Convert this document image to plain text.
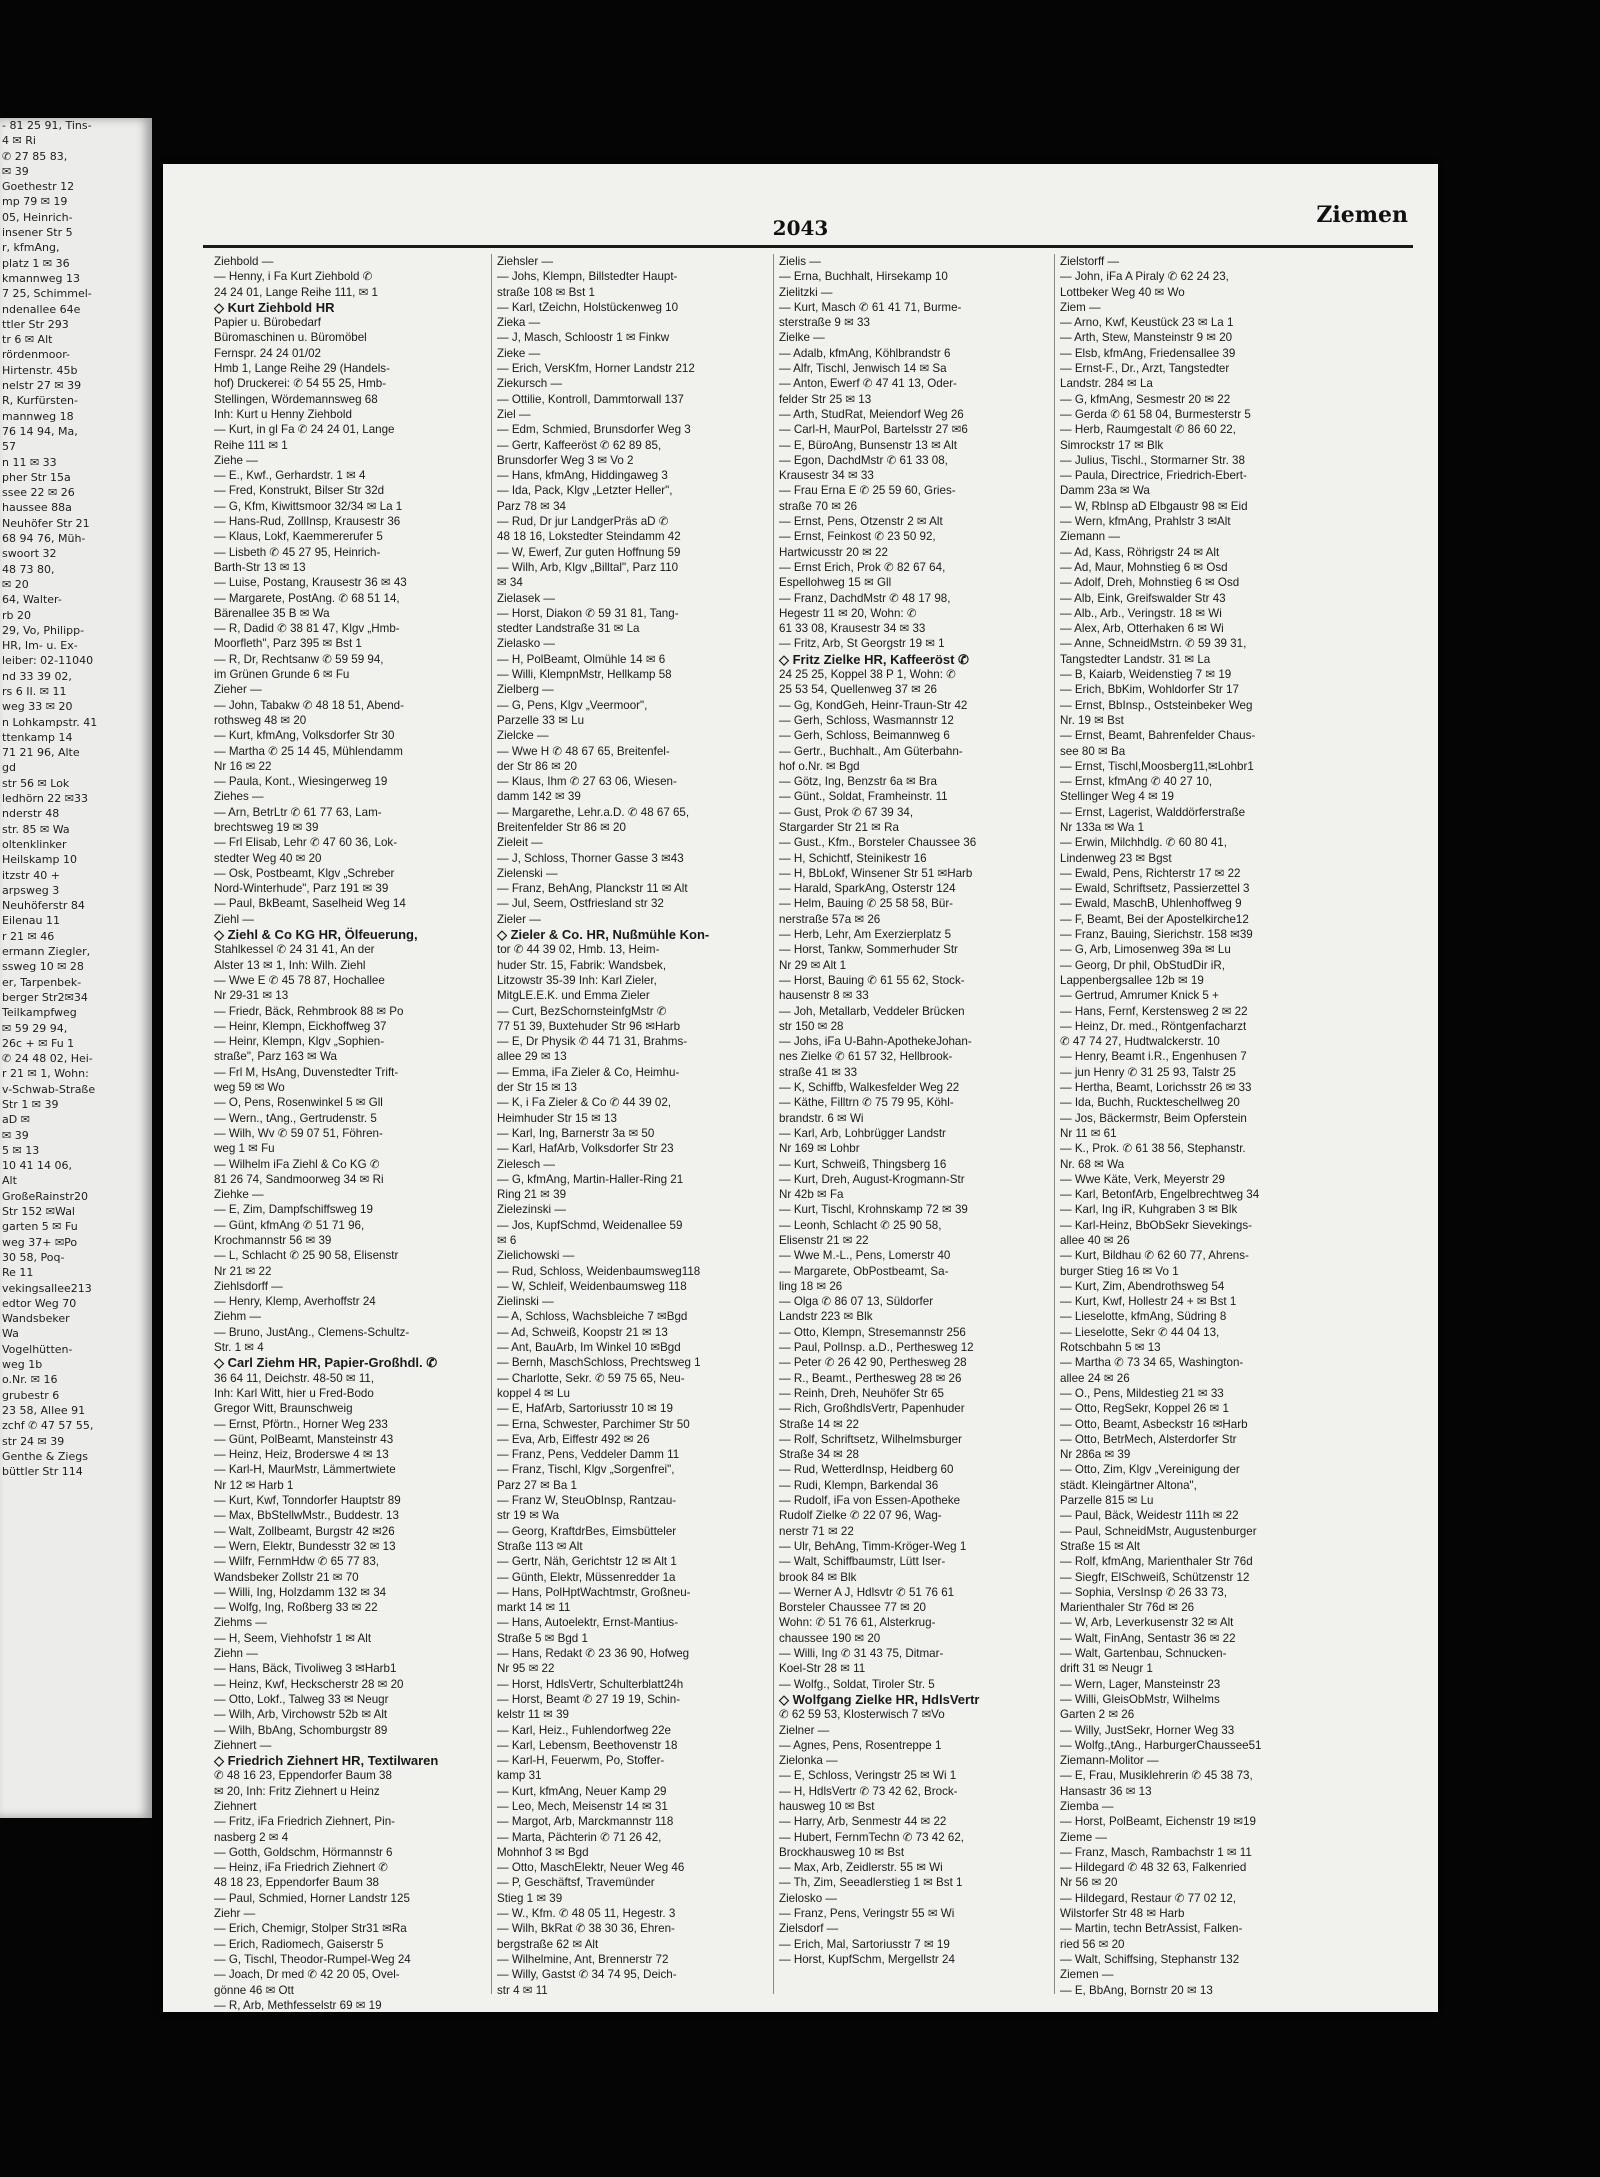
- 81 25 91, Tins-
4 ✉ Ri
✆ 27 85 83,
✉ 39
Goethestr 12
mp 79 ✉ 19
05, Heinrich-
insener Str 5
r, kfmAng,
platz 1 ✉ 36
kmannweg 13
7 25, Schimmel-
ndenallee 64e
ttler Str 293
tr 6 ✉ Alt
rördenmoor-
Hirtenstr. 45b
nelstr 27 ✉ 39
R, Kurfürsten-
mannweg 18
76 14 94, Ma,
57
n 11 ✉ 33
pher Str 15a
ssee 22 ✉ 26
haussee 88a
Neuhöfer Str 21
68 94 76, Müh-
swoort 32
48 73 80,
✉ 20
64, Walter-
rb 20
29, Vo, Philipp-
HR, Im- u. Ex-
leiber: 02-11040
nd 33 39 02,
rs 6 II. ✉ 11
weg 33 ✉ 20
n Lohkampstr. 41
ttenkamp 14
71 21 96, Alte
gd
str 56 ✉ Lok
ledhörn 22 ✉33
nderstr 48
str. 85 ✉ Wa
oltenklinker
Heilskamp 10
itzstr 40 +
arpsweg 3
Neuhöferstr 84
Eilenau 11
r 21 ✉ 46
ermann Ziegler,
ssweg 10 ✉ 28
er, Tarpenbek-
berger Str2✉34
Teilkampfweg
✉ 59 29 94,
26c + ✉ Fu 1
✆ 24 48 02, Hei-
r 21 ✉ 1, Wohn:
v-Schwab-Straße
Str 1 ✉ 39
aD ✉
✉ 39
5 ✉ 13
10 41 14 06,
Alt
GroßeRainstr20
Str 152 ✉Wal
garten 5 ✉ Fu
weg 37+ ✉Po
30 58, Poq-
Re 11
vekingsallee213
edtor Weg 70
Wandsbeker
Wa
Vogelhütten-
weg 1b
o.Nr. ✉ 16
grubestr 6
23 58, Allee 91
zchf ✆ 47 57 55,
str 24 ✉ 39
Genthe & Ziegs
büttler Str 114
2043	Ziemen
Ziehbold —
— Henny, i Fa Kurt Ziehbold ✆
24 24 01, Lange Reihe 111, ✉ 1
◇ Kurt Ziehbold HR
Papier u. Bürobedarf
Büromaschinen u. Büromöbel
Fernspr. 24 24 01/02
Hmb 1, Lange Reihe 29 (Handels-
hof) Druckerei: ✆ 54 55 25, Hmb-
Stellingen, Wördemannsweg 68
Inh: Kurt u Henny Ziehbold
— Kurt, in gl Fa ✆ 24 24 01, Lange
Reihe 111 ✉ 1
Ziehe —
— E., Kwf., Gerhardstr. 1 ✉ 4
— Fred, Konstrukt, Bilser Str 32d
— G, Kfm, Kiwittsmoor 32/34 ✉ La 1
— Hans-Rud, ZollInsp, Krausestr 36
— Klaus, Lokf, Kaemmererufer 5
— Lisbeth ✆ 45 27 95, Heinrich-
Barth-Str 13 ✉ 13
— Luise, Postang, Krausestr 36 ✉ 43
— Margarete, PostAng. ✆ 68 51 14,
Bärenallee 35 B ✉ Wa
— R, Dadid ✆ 38 81 47, Klgv „Hmb-
Moorfleth", Parz 395 ✉ Bst 1
— R, Dr, Rechtsanw ✆ 59 59 94,
im Grünen Grunde 6 ✉ Fu
Zieher —
— John, Tabakw ✆ 48 18 51, Abend-
rothsweg 48 ✉ 20
— Kurt, kfmAng, Volksdorfer Str 30
— Martha ✆ 25 14 45, Mühlendamm
Nr 16 ✉ 22
— Paula, Kont., Wiesingerweg 19
Ziehes —
— Arn, BetrLtr ✆ 61 77 63, Lam-
brechtsweg 19 ✉ 39
— Frl Elisab, Lehr ✆ 47 60 36, Lok-
stedter Weg 40 ✉ 20
— Osk, Postbeamt, Klgv „Schreber
Nord-Winterhude", Parz 191 ✉ 39
— Paul, BkBeamt, Saselheid Weg 14
Ziehl —
◇ Ziehl & Co KG HR, Ölfeuerung,
Stahlkessel ✆ 24 31 41, An der
Alster 13 ✉ 1, Inh: Wilh. Ziehl
— Wwe E ✆ 45 78 87, Hochallee
Nr 29-31 ✉ 13
— Friedr, Bäck, Rehmbrook 88 ✉ Po
— Heinr, Klempn, Eickhoffweg 37
— Heinr, Klempn, Klgv „Sophien-
straße", Parz 163 ✉ Wa
— Frl M, HsAng, Duvenstedter Trift-
weg 59 ✉ Wo
— O, Pens, Rosenwinkel 5 ✉ Gll
— Wern., tAng., Gertrudenstr. 5
— Wilh, Wv ✆ 59 07 51, Föhren-
weg 1 ✉ Fu
— Wilhelm iFa Ziehl & Co KG ✆
81 26 74, Sandmoorweg 34 ✉ Ri
Ziehke —
— E, Zim, Dampfschiffsweg 19
— Günt, kfmAng ✆ 51 71 96,
Krochmannstr 56 ✉ 39
— L, Schlacht ✆ 25 90 58, Elisenstr
Nr 21 ✉ 22
Ziehlsdorff —
— Henry, Klemp, Averhoffstr 24
Ziehm —
— Bruno, JustAng., Clemens-Schultz-
Str. 1 ✉ 4
◇ Carl Ziehm HR, Papier-Großhdl. ✆
36 64 11, Deichstr. 48-50 ✉ 11,
Inh: Karl Witt, hier u Fred-Bodo
Gregor Witt, Braunschweig
— Ernst, Pförtn., Horner Weg 233
— Günt, PolBeamt, Mansteinstr 43
— Heinz, Heiz, Broderswe 4 ✉ 13
— Karl-H, MaurMstr, Lämmertwiete
Nr 12 ✉ Harb 1
— Kurt, Kwf, Tonndorfer Hauptstr 89
— Max, BbStellwMstr., Buddestr. 13
— Walt, Zollbeamt, Burgstr 42 ✉26
— Wern, Elektr, Bundesstr 32 ✉ 13
— Wilfr, FernmHdw ✆ 65 77 83,
Wandsbeker Zollstr 21 ✉ 70
— Willi, Ing, Holzdamm 132 ✉ 34
— Wolfg, Ing, Roßberg 33 ✉ 22
Ziehms —
— H, Seem, Viehhofstr 1 ✉ Alt
Ziehn —
— Hans, Bäck, Tivoliweg 3 ✉Harb1
— Heinz, Kwf, Heckscherstr 28 ✉ 20
— Otto, Lokf., Talweg 33 ✉ Neugr
— Wilh, Arb, Virchowstr 52b ✉ Alt
— Wilh, BbAng, Schomburgstr 89
Ziehnert —
◇ Friedrich Ziehnert HR, Textilwaren
✆ 48 16 23, Eppendorfer Baum 38
✉ 20, Inh: Fritz Ziehnert u Heinz
Ziehnert
— Fritz, iFa Friedrich Ziehnert, Pin-
nasberg 2 ✉ 4
— Gotth, Goldschm, Hörmannstr 6
— Heinz, iFa Friedrich Ziehnert ✆
48 18 23, Eppendorfer Baum 38
— Paul, Schmied, Horner Landstr 125
Ziehr —
— Erich, Chemigr, Stolper Str31 ✉Ra
— Erich, Radiomech, Gaiserstr 5
— G, Tischl, Theodor-Rumpel-Weg 24
— Joach, Dr med ✆ 42 20 05, Ovel-
gönne 46 ✉ Ott
— R, Arb, Methfesselstr 69 ✉ 19
Ziehsler —
— Johs, Klempn, Billstedter Haupt-
straße 108 ✉ Bst 1
— Karl, tZeichn, Holstückenweg 10
Zieka —
— J, Masch, Schloostr 1 ✉ Finkw
Zieke —
— Erich, VersKfm, Horner Landstr 212
Ziekursch —
— Ottilie, Kontroll, Dammtorwall 137
Ziel —
— Edm, Schmied, Brunsdorfer Weg 3
— Gertr, Kaffeeröst ✆ 62 89 85,
Brunsdorfer Weg 3 ✉ Vo 2
— Hans, kfmAng, Hiddingaweg 3
— Ida, Pack, Klgv „Letzter Heller",
Parz 78 ✉ 34
— Rud, Dr jur LandgerPräs aD ✆
48 18 16, Lokstedter Steindamm 42
— W, Ewerf, Zur guten Hoffnung 59
— Wilh, Arb, Klgv „Billtal", Parz 110
✉ 34
Zielasek —
— Horst, Diakon ✆ 59 31 81, Tang-
stedter Landstraße 31 ✉ La
Zielasko —
— H, PolBeamt, Olmühle 14 ✉ 6
— Willi, KlempnMstr, Hellkamp 58
Zielberg —
— G, Pens, Klgv „Veermoor",
Parzelle 33 ✉ Lu
Zielcke —
— Wwe H ✆ 48 67 65, Breitenfel-
der Str 86 ✉ 20
— Klaus, Ihm ✆ 27 63 06, Wiesen-
damm 142 ✉ 39
— Margarethe, Lehr.a.D. ✆ 48 67 65,
Breitenfelder Str 86 ✉ 20
Zieleit —
— J, Schloss, Thorner Gasse 3 ✉43
Zielenski —
— Franz, BehAng, Planckstr 11 ✉ Alt
— Jul, Seem, Ostfriesland str 32
Zieler —
◇ Zieler & Co. HR, Nußmühle Kon-
tor ✆ 44 39 02, Hmb. 13, Heim-
huder Str. 15, Fabrik: Wandsbek,
Litzowstr 35-39 Inh: Karl Zieler,
MitgLE.E.K. und Emma Zieler
— Curt, BezSchornsteinfgMstr ✆
77 51 39, Buxtehuder Str 96 ✉Harb
— E, Dr Physik ✆ 44 71 31, Brahms-
allee 29 ✉ 13
— Emma, iFa Zieler & Co, Heimhu-
der Str 15 ✉ 13
— K, i Fa Zieler & Co ✆ 44 39 02,
Heimhuder Str 15 ✉ 13
— Karl, Ing, Barnerstr 3a ✉ 50
— Karl, HafArb, Volksdorfer Str 23
Zielesch —
— G, kfmAng, Martin-Haller-Ring 21
Ring 21 ✉ 39
Zielezinski —
— Jos, KupfSchmd, Weidenallee 59
✉ 6
Zielichowski —
— Rud, Schloss, Weidenbaumsweg118
— W, Schleif, Weidenbaumsweg 118
Zielinski —
— A, Schloss, Wachsbleiche 7 ✉Bgd
— Ad, Schweiß, Koopstr 21 ✉ 13
— Ant, BauArb, Im Winkel 10 ✉Bgd
— Bernh, MaschSchloss, Prechtsweg 1
— Charlotte, Sekr. ✆ 59 75 65, Neu-
koppel 4 ✉ Lu
— E, HafArb, Sartoriusstr 10 ✉ 19
— Erna, Schwester, Parchimer Str 50
— Eva, Arb, Eiffestr 492 ✉ 26
— Franz, Pens, Veddeler Damm 11
— Franz, Tischl, Klgv „Sorgenfrei",
Parz 27 ✉ Ba 1
— Franz W, SteuObInsp, Rantzau-
str 19 ✉ Wa
— Georg, KraftdrBes, Eimsbütteler
Straße 113 ✉ Alt
— Gertr, Näh, Gerichtstr 12 ✉ Alt 1
— Günth, Elektr, Müssenredder 1a
— Hans, PolHptWachtmstr, Großneu-
markt 14 ✉ 11
— Hans, Autoelektr, Ernst-Mantius-
Straße 5 ✉ Bgd 1
— Hans, Redakt ✆ 23 36 90, Hofweg
Nr 95 ✉ 22
— Horst, HdlsVertr, Schulterblatt24h
— Horst, Beamt ✆ 27 19 19, Schin-
kelstr 11 ✉ 39
— Karl, Heiz., Fuhlendorfweg 22e
— Karl, Lebensm, Beethovenstr 18
— Karl-H, Feuerwm, Po, Stoffer-
kamp 31
— Kurt, kfmAng, Neuer Kamp 29
— Leo, Mech, Meisenstr 14 ✉ 31
— Margot, Arb, Marckmannstr 118
— Marta, Pächterin ✆ 71 26 42,
Mohnhof 3 ✉ Bgd
— Otto, MaschElektr, Neuer Weg 46
— P, Geschäftsf, Travemünder
Stieg 1 ✉ 39
— W., Kfm. ✆ 48 05 11, Hegestr. 3
— Wilh, BkRat ✆ 38 30 36, Ehren-
bergstraße 62 ✉ Alt
— Wilhelmine, Ant, Brennerstr 72
— Willy, Gastst ✆ 34 74 95, Deich-
str 4 ✉ 11
Zielis —
— Erna, Buchhalt, Hirsekamp 10
Zielitzki —
— Kurt, Masch ✆ 61 41 71, Burme-
sterstraße 9 ✉ 33
Zielke —
— Adalb, kfmAng, Köhlbrandstr 6
— Alfr, Tischl, Jenwisch 14 ✉ Sa
— Anton, Ewerf ✆ 47 41 13, Oder-
felder Str 25 ✉ 13
— Arth, StudRat, Meiendorf Weg 26
— Carl-H, MaurPol, Bartelsstr 27 ✉6
— E, BüroAng, Bunsenstr 13 ✉ Alt
— Egon, DachdMstr ✆ 61 33 08,
Krausestr 34 ✉ 33
— Frau Erna E ✆ 25 59 60, Gries-
straße 70 ✉ 26
— Ernst, Pens, Otzenstr 2 ✉ Alt
— Ernst, Feinkost ✆ 23 50 92,
Hartwicusstr 20 ✉ 22
— Ernst Erich, Prok ✆ 82 67 64,
Espellohweg 15 ✉ Gll
— Franz, DachdMstr ✆ 48 17 98,
Hegestr 11 ✉ 20, Wohn: ✆
61 33 08, Krausestr 34 ✉ 33
— Fritz, Arb, St Georgstr 19 ✉ 1
◇ Fritz Zielke HR, Kaffeeröst ✆
24 25 25, Koppel 38 P 1, Wohn: ✆
25 53 54, Quellenweg 37 ✉ 26
— Gg, KondGeh, Heinr-Traun-Str 42
— Gerh, Schloss, Wasmannstr 12
— Gerh, Schloss, Beimannweg 6
— Gertr., Buchhalt., Am Güterbahn-
hof o.Nr. ✉ Bgd
— Götz, Ing, Benzstr 6a ✉ Bra
— Günt., Soldat, Framheinstr. 11
— Gust, Prok ✆ 67 39 34,
Stargarder Str 21 ✉ Ra
— Gust., Kfm., Borsteler Chaussee 36
— H, Schichtf, Steinikestr 16
— H, BbLokf, Winsener Str 51 ✉Harb
— Harald, SparkAng, Osterstr 124
— Helm, Bauing ✆ 25 58 58, Bür-
nerstraße 57a ✉ 26
— Herb, Lehr, Am Exerzierplatz 5
— Horst, Tankw, Sommerhuder Str
Nr 29 ✉ Alt 1
— Horst, Bauing ✆ 61 55 62, Stock-
hausenstr 8 ✉ 33
— Joh, Metallarb, Veddeler Brücken
str 150 ✉ 28
— Johs, iFa U-Bahn-ApothekeJohan-
nes Zielke ✆ 61 57 32, Hellbrook-
straße 41 ✉ 33
— K, Schiffb, Walkesfelder Weg 22
— Käthe, Filltrn ✆ 75 79 95, Köhl-
brandstr. 6 ✉ Wi
— Karl, Arb, Lohbrügger Landstr
Nr 169 ✉ Lohbr
— Kurt, Schweiß, Thingsberg 16
— Kurt, Dreh, August-Krogmann-Str
Nr 42b ✉ Fa
— Kurt, Tischl, Krohnskamp 72 ✉ 39
— Leonh, Schlacht ✆ 25 90 58,
Elisenstr 21 ✉ 22
— Wwe M.-L., Pens, Lomerstr 40
— Margarete, ObPostbeamt, Sa-
ling 18 ✉ 26
— Olga ✆ 86 07 13, Süldorfer
Landstr 223 ✉ Blk
— Otto, Klempn, Stresemannstr 256
— Paul, PolInsp. a.D., Perthesweg 12
— Peter ✆ 26 42 90, Perthesweg 28
— R., Beamt., Perthesweg 28 ✉ 26
— Reinh, Dreh, Neuhöfer Str 65
— Rich, GroßhdlsVertr, Papenhuder
Straße 14 ✉ 22
— Rolf, Schriftsetz, Wilhelmsburger
Straße 34 ✉ 28
— Rud, WetterdInsp, Heidberg 60
— Rudi, Klempn, Barkendal 36
— Rudolf, iFa von Essen-Apotheke
Rudolf Zielke ✆ 22 07 96, Wag-
nerstr 71 ✉ 22
— Ulr, BehAng, Timm-Kröger-Weg 1
— Walt, Schiffbaumstr, Lütt Iser-
brook 84 ✉ Blk
— Werner A J, Hdlsvtr ✆ 51 76 61
Borsteler Chaussee 77 ✉ 20
Wohn: ✆ 51 76 61, Alsterkrug-
chaussee 190 ✉ 20
— Willi, Ing ✆ 31 43 75, Ditmar-
Koel-Str 28 ✉ 11
— Wolfg., Soldat, Tiroler Str. 5
◇ Wolfgang Zielke HR, HdlsVertr
✆ 62 59 53, Klosterwisch 7 ✉Vo
Zielner —
— Agnes, Pens, Rosentreppe 1
Zielonka —
— E, Schloss, Veringstr 25 ✉ Wi 1
— H, HdlsVertr ✆ 73 42 62, Brock-
hausweg 10 ✉ Bst
— Harry, Arb, Senmestr 44 ✉ 22
— Hubert, FernmTechn ✆ 73 42 62,
Brockhausweg 10 ✉ Bst
— Max, Arb, Zeidlerstr. 55 ✉ Wi
— Th, Zim, Seeadlerstieg 1 ✉ Bst 1
Zielosko —
— Franz, Pens, Veringstr 55 ✉ Wi
Zielsdorf —
— Erich, Mal, Sartoriusstr 7 ✉ 19
— Horst, KupfSchm, Mergellstr 24
Zielstorff —
— John, iFa A Piraly ✆ 62 24 23,
Lottbeker Weg 40 ✉ Wo
Ziem —
— Arno, Kwf, Keustück 23 ✉ La 1
— Arth, Stew, Mansteinstr 9 ✉ 20
— Elsb, kfmAng, Friedensallee 39
— Ernst-F., Dr., Arzt, Tangstedter
Landstr. 284 ✉ La
— G, kfmAng, Sesmestr 20 ✉ 22
— Gerda ✆ 61 58 04, Burmesterstr 5
— Herb, Raumgestalt ✆ 86 60 22,
Simrockstr 17 ✉ Blk
— Julius, Tischl., Stormarner Str. 38
— Paula, Directrice, Friedrich-Ebert-
Damm 23a ✉ Wa
— W, RbInsp aD Elbgaustr 98 ✉ Eid
— Wern, kfmAng, Prahlstr 3 ✉Alt
Ziemann —
— Ad, Kass, Röhrigstr 24 ✉ Alt
— Ad, Maur, Mohnstieg 6 ✉ Osd
— Adolf, Dreh, Mohnstieg 6 ✉ Osd
— Alb, Eink, Greifswalder Str 43
— Alb., Arb., Veringstr. 18 ✉ Wi
— Alex, Arb, Otterhaken 6 ✉ Wi
— Anne, SchneidMstrn. ✆ 59 39 31,
Tangstedter Landstr. 31 ✉ La
— B, Kaiarb, Weidenstieg 7 ✉ 19
— Erich, BbKim, Wohldorfer Str 17
— Ernst, BbInsp., Oststeinbeker Weg
Nr. 19 ✉ Bst
— Ernst, Beamt, Bahrenfelder Chaus-
see 80 ✉ Ba
— Ernst, Tischl,Moosberg11,✉Lohbr1
— Ernst, kfmAng ✆ 40 27 10,
Stellinger Weg 4 ✉ 19
— Ernst, Lagerist, Walddörferstraße
Nr 133a ✉ Wa 1
— Erwin, Milchhdlg. ✆ 60 80 41,
Lindenweg 23 ✉ Bgst
— Ewald, Pens, Richterstr 17 ✉ 22
— Ewald, Schriftsetz, Passierzettel 3
— Ewald, MaschB, Uhlenhoffweg 9
— F, Beamt, Bei der Apostelkirche12
— Franz, Bauing, Sierichstr. 158 ✉39
— G, Arb, Limosenweg 39a ✉ Lu
— Georg, Dr phil, ObStudDir iR,
Lappenbergsallee 12b ✉ 19
— Gertrud, Amrumer Knick 5 +
— Hans, Fernf, Kerstensweg 2 ✉ 22
— Heinz, Dr. med., Röntgenfacharzt
✆ 47 74 27, Hudtwalckerstr. 10
— Henry, Beamt i.R., Engenhusen 7
— jun Henry ✆ 31 25 93, Talstr 25
— Hertha, Beamt, Lorichsstr 26 ✉ 33
— Ida, Buchh, Ruckteschellweg 20
— Jos, Bäckermstr, Beim Opferstein
Nr 11 ✉ 61
— K., Prok. ✆ 61 38 56, Stephanstr.
Nr. 68 ✉ Wa
— Wwe Käte, Verk, Meyerstr 29
— Karl, BetonfArb, Engelbrechtweg 34
— Karl, Ing iR, Kuhgraben 3 ✉ Blk
— Karl-Heinz, BbObSekr Sievekings-
allee 40 ✉ 26
— Kurt, Bildhau ✆ 62 60 77, Ahrens-
burger Stieg 16 ✉ Vo 1
— Kurt, Zim, Abendrothsweg 54
— Kurt, Kwf, Hollestr 24 + ✉ Bst 1
— Lieselotte, kfmAng, Südring 8
— Lieselotte, Sekr ✆ 44 04 13,
Rotschbahn 5 ✉ 13
— Martha ✆ 73 34 65, Washington-
allee 24 ✉ 26
— O., Pens, Mildestieg 21 ✉ 33
— Otto, RegSekr, Koppel 26 ✉ 1
— Otto, Beamt, Asbeckstr 16 ✉Harb
— Otto, BetrMech, Alsterdorfer Str
Nr 286a ✉ 39
— Otto, Zim, Klgv „Vereinigung der
städt. Kleingärtner Altona",
Parzelle 815 ✉ Lu
— Paul, Bäck, Weidestr 111h ✉ 22
— Paul, SchneidMstr, Augustenburger
Straße 15 ✉ Alt
— Rolf, kfmAng, Marienthaler Str 76d
— Siegfr, ElSchweiß, Schützenstr 12
— Sophia, VersInsp ✆ 26 33 73,
Marienthaler Str 76d ✉ 26
— W, Arb, Leverkusenstr 32 ✉ Alt
— Walt, FinAng, Sentastr 36 ✉ 22
— Walt, Gartenbau, Schnucken-
drift 31 ✉ Neugr 1
— Wern, Lager, Mansteinstr 23
— Willi, GleisObMstr, Wilhelms
Garten 2 ✉ 26
— Willy, JustSekr, Horner Weg 33
— Wolfg.,tAng., HarburgerChaussee51
Ziemann-Molitor —
— E, Frau, Musiklehrerin ✆ 45 38 73,
Hansastr 36 ✉ 13
Ziemba —
— Horst, PolBeamt, Eichenstr 19 ✉19
Zieme —
— Franz, Masch, Rambachstr 1 ✉ 11
— Hildegard ✆ 48 32 63, Falkenried
Nr 56 ✉ 20
— Hildegard, Restaur ✆ 77 02 12,
Wilstorfer Str 48 ✉ Harb
— Martin, techn BetrAssist, Falken-
ried 56 ✉ 20
— Walt, Schiffsing, Stephanstr 132
Ziemen —
— E, BbAng, Bornstr 20 ✉ 13
